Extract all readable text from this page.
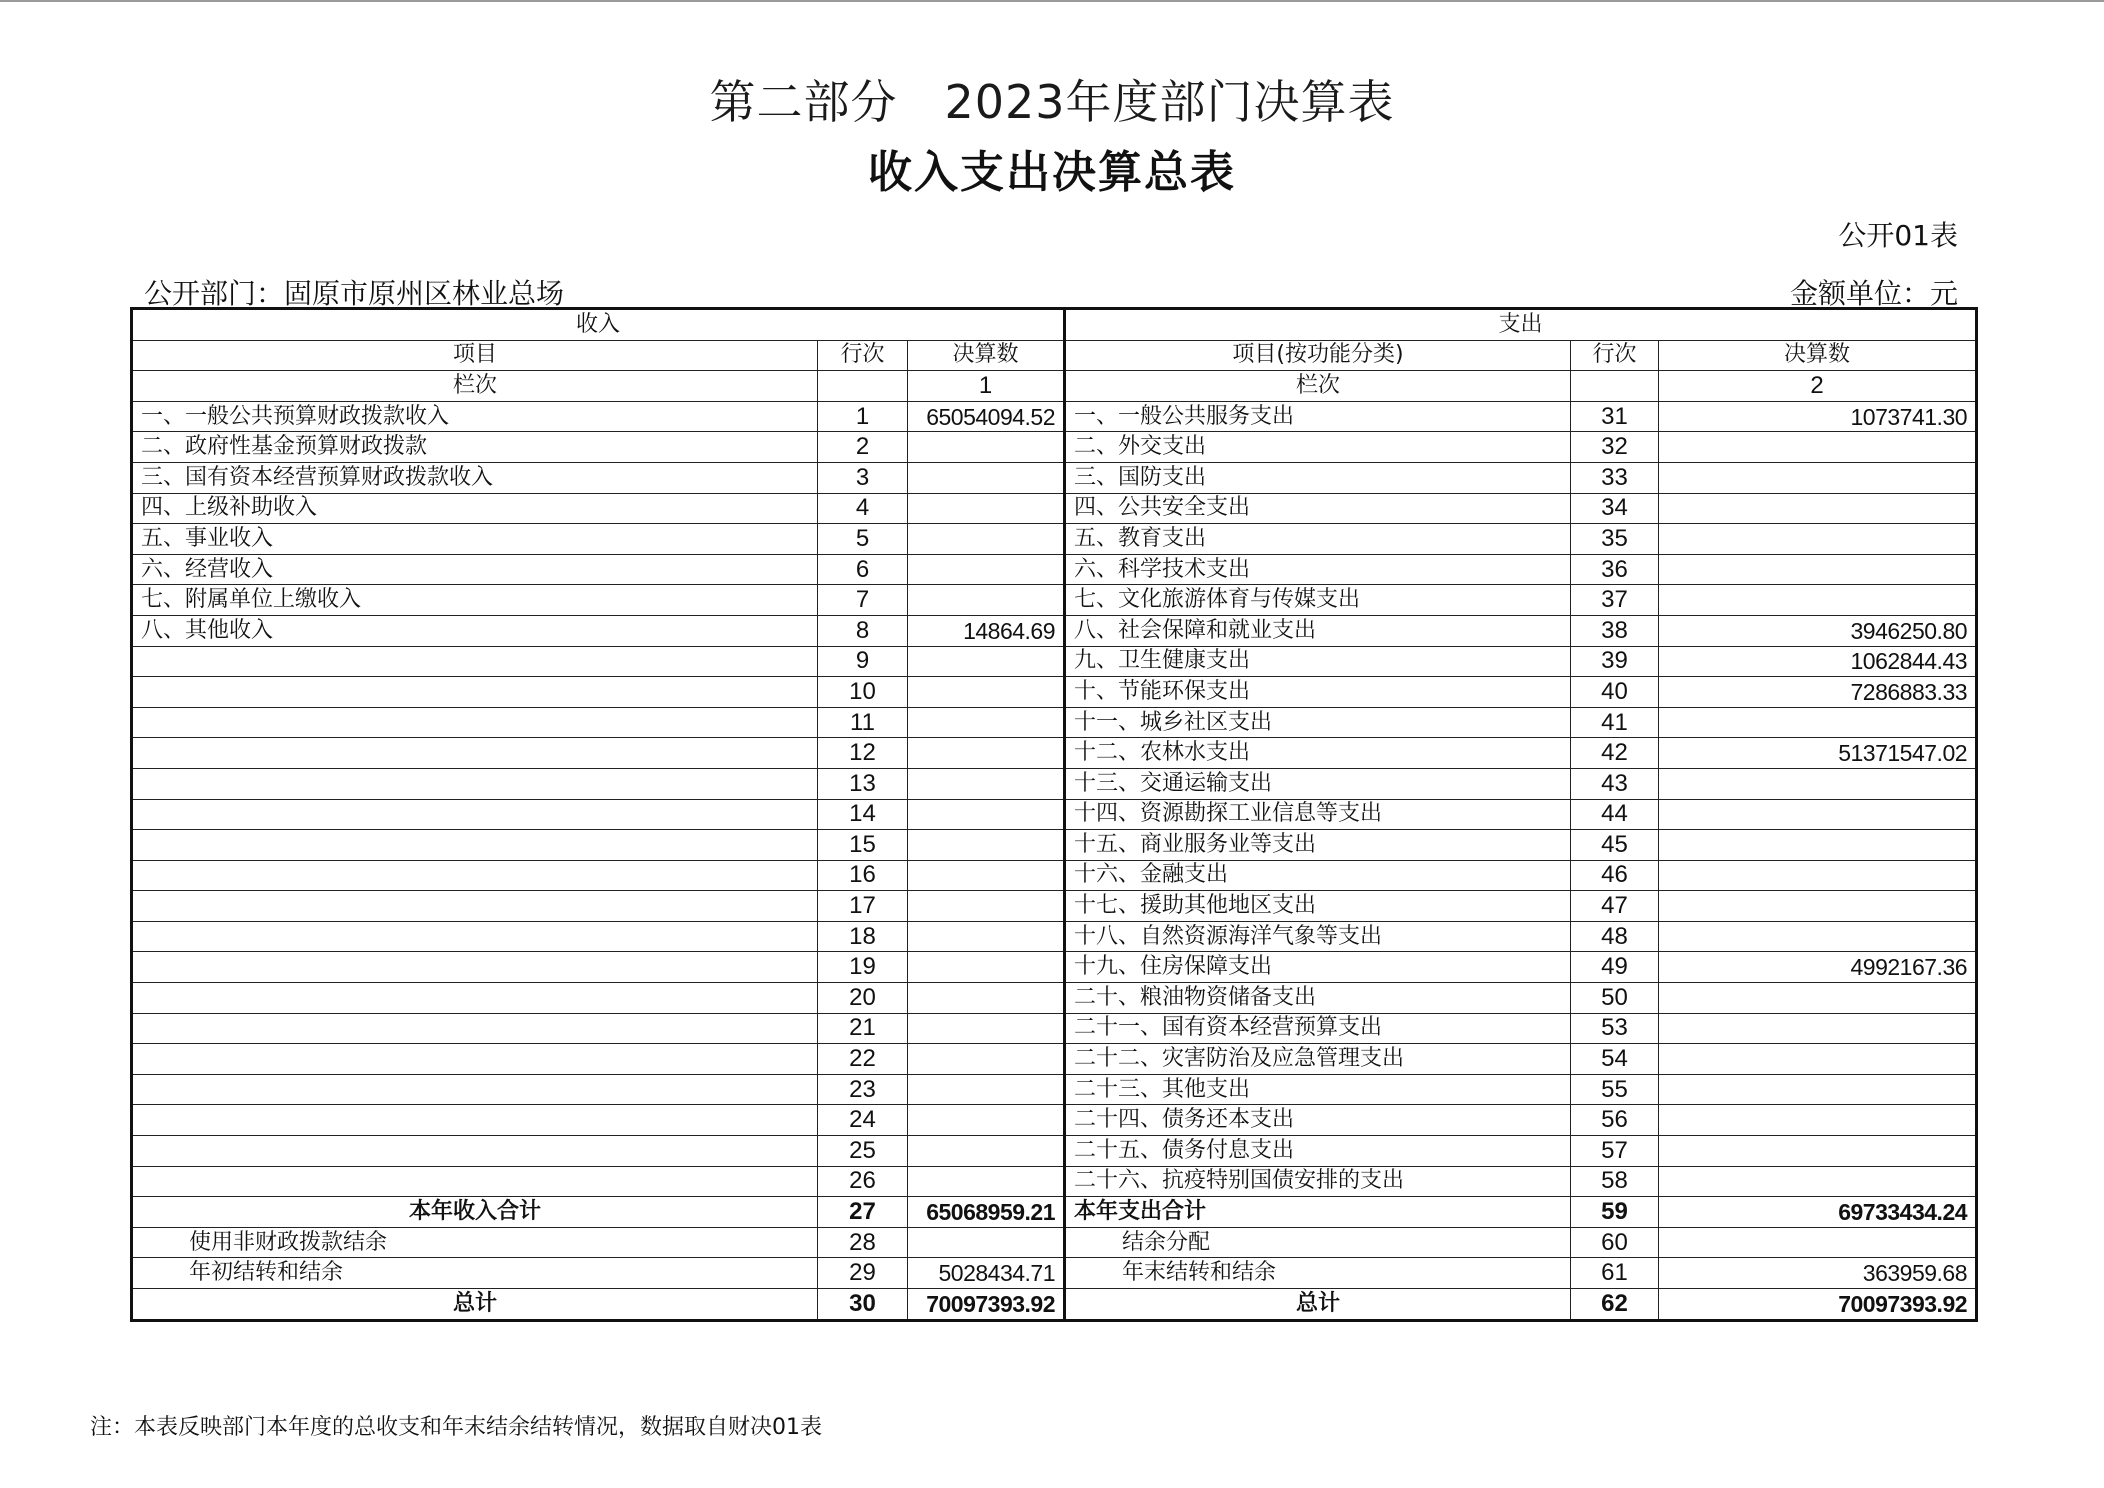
第二部分　2023年度部门决算表
收入支出决算总表
公开01表
公开部门：固原市原州区林业总场	金额单位：元
收入			支出		
项目	行次	决算数	项目(按功能分类)	行次	决算数
栏次		1	栏次		2
一、一般公共预算财政拨款收入	1	65054094.52	一、一般公共服务支出	31	1073741.30
二、政府性基金预算财政拨款	2		二、外交支出	32	
三、国有资本经营预算财政拨款收入	3		三、国防支出	33	
四、上级补助收入	4		四、公共安全支出	34	
五、事业收入	5		五、教育支出	35	
六、经营收入	6		六、科学技术支出	36	
七、附属单位上缴收入	7		七、文化旅游体育与传媒支出	37	
八、其他收入	8	14864.69	八、社会保障和就业支出	38	3946250.80
	9		九、卫生健康支出	39	1062844.43
	10		十、节能环保支出	40	7286883.33
	11		十一、城乡社区支出	41	
	12		十二、农林水支出	42	51371547.02
	13		十三、交通运输支出	43	
	14		十四、资源勘探工业信息等支出	44	
	15		十五、商业服务业等支出	45	
	16		十六、金融支出	46	
	17		十七、援助其他地区支出	47	
	18		十八、自然资源海洋气象等支出	48	
	19		十九、住房保障支出	49	4992167.36
	20		二十、粮油物资储备支出	50	
	21		二十一、国有资本经营预算支出	53	
	22		二十二、灾害防治及应急管理支出	54	
	23		二十三、其他支出	55	
	24		二十四、债务还本支出	56	
	25		二十五、债务付息支出	57	
	26		二十六、抗疫特别国债安排的支出	58	
本年收入合计	27	65068959.21	本年支出合计	59	69733434.24
使用非财政拨款结余	28		结余分配	60	
年初结转和结余	29	5028434.71	年末结转和结余	61	363959.68
总计	30	70097393.92	总计	62	70097393.92
注：本表反映部门本年度的总收支和年末结余结转情况，数据取自财决01表
